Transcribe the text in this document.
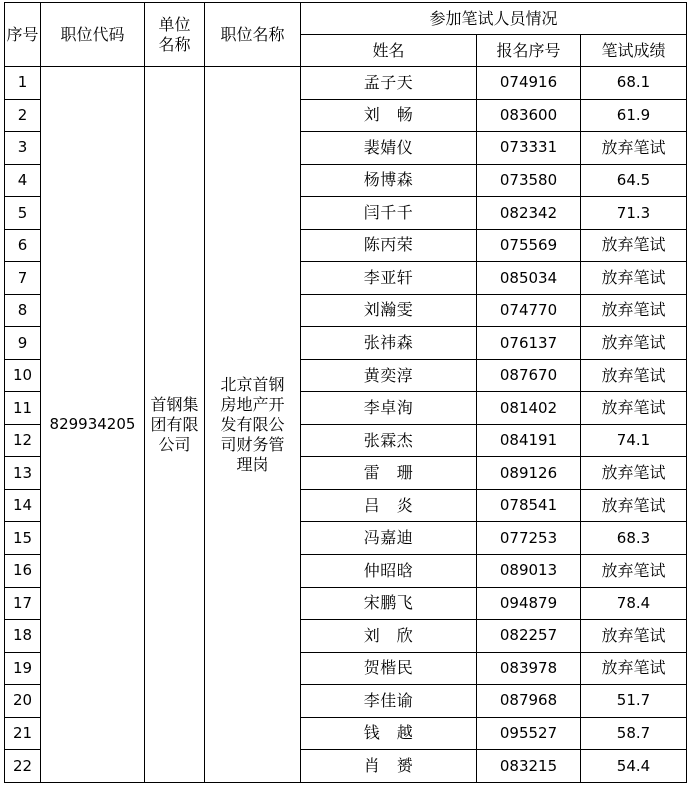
序号	职位代码	单位名称	职位名称	参加笔试人员情况		
				姓名	报名序号	笔试成绩
1	829934205	首钢集团有限公司	北京首钢房地产开发有限公司财务管理岗	孟子天	074916	68.1
2				刘　畅	083600	61.9
3				裴婧仪	073331	放弃笔试
4				杨博森	073580	64.5
5				闫千千	082342	71.3
6				陈丙荣	075569	放弃笔试
7				李亚轩	085034	放弃笔试
8				刘瀚雯	074770	放弃笔试
9				张祎森	076137	放弃笔试
10				黄奕淳	087670	放弃笔试
11				李卓洵	081402	放弃笔试
12				张霖杰	084191	74.1
13				雷　珊	089126	放弃笔试
14				吕　炎	078541	放弃笔试
15				冯嘉迪	077253	68.3
16				仲昭晗	089013	放弃笔试
17				宋鹏飞	094879	78.4
18				刘　欣	082257	放弃笔试
19				贺楷民	083978	放弃笔试
20				李佳谕	087968	51.7
21				钱　越	095527	58.7
22				肖　赟	083215	54.4
